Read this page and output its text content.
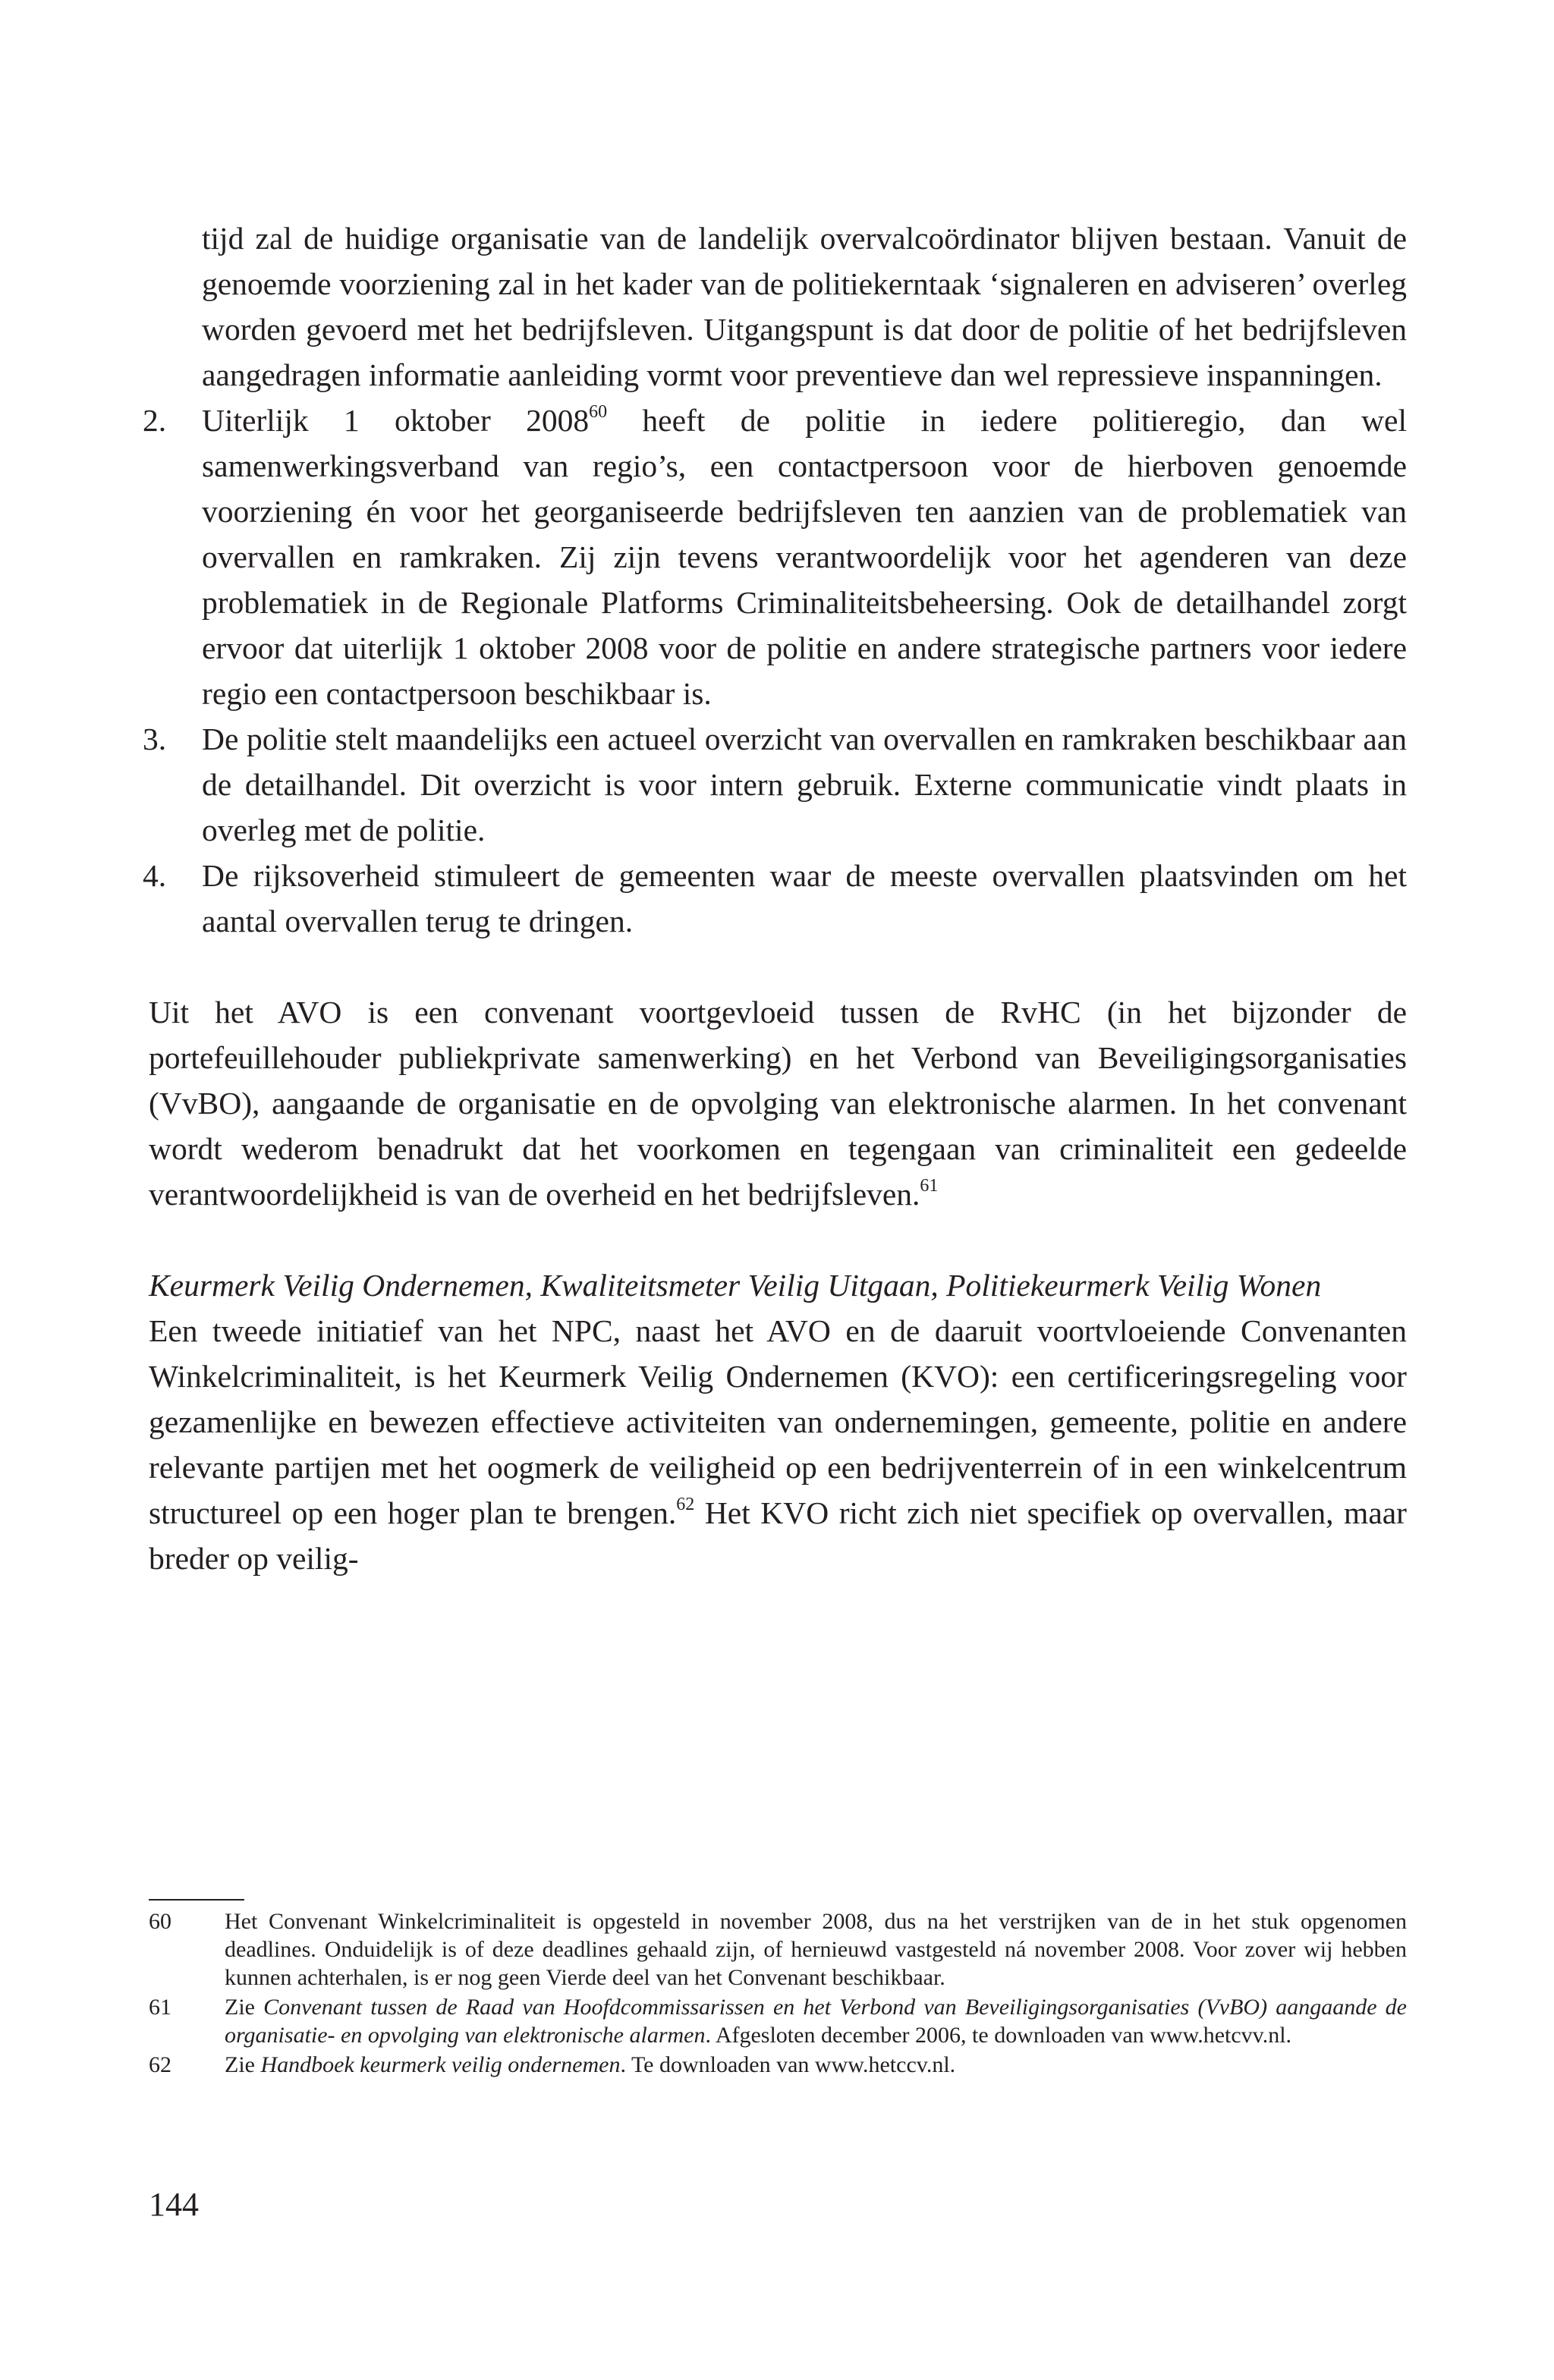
tijd zal de huidige organisatie van de landelijk overvalcoördinator blijven bestaan. Vanuit de genoemde voorziening zal in het kader van de politiekerntaak ‘signaleren en adviseren’ overleg worden gevoerd met het bedrijfsleven. Uitgangspunt is dat door de politie of het bedrijfsleven aangedragen informatie aanleiding vormt voor preventieve dan wel repressieve inspanningen.

2. Uiterlijk 1 oktober 2008$^{60}$ heeft de politie in iedere politieregio, dan wel samenwerkingsverband van regio’s, een contactpersoon voor de hierboven genoemde voorziening én voor het georganiseerde bedrijfsleven ten aanzien van de problematiek van overvallen en ramkraken. Zij zijn tevens verantwoordelijk voor het agenderen van deze problematiek in de Regionale Platforms Criminaliteitsbeheersing. Ook de detailhandel zorgt ervoor dat uiterlijk 1 oktober 2008 voor de politie en andere strategische partners voor iedere regio een contactpersoon beschikbaar is.
3. De politie stelt maandelijks een actueel overzicht van overvallen en ramkraken beschikbaar aan de detailhandel. Dit overzicht is voor intern gebruik. Externe communicatie vindt plaats in overleg met de politie.
4. De rijksoverheid stimuleert de gemeenten waar de meeste overvallen plaatsvinden om het aantal overvallen terug te dringen.

Uit het AVO is een convenant voortgevloeid tussen de RvHC (in het bijzonder de portefeuillehouder publiekprivate samenwerking) en het Verbond van Beveiligingsorganisaties (VvBO), aangaande de organisatie en de opvolging van elektronische alarmen. In het convenant wordt wederom benadrukt dat het voorkomen en tegengaan van criminaliteit een gedeelde verantwoordelijkheid is van de overheid en het bedrijfsleven.$^{61}$

Keurmerk Veilig Ondernemen, Kwaliteitsmeter Veilig Uitgaan, Politiekeurmerk Veilig Wonen

Een tweede initiatief van het NPC, naast het AVO en de daaruit voortvloeiende Convenanten Winkelcriminaliteit, is het Keurmerk Veilig Ondernemen (KVO): een certificeringsregeling voor gezamenlijke en bewezen effectieve activiteiten van ondernemingen, gemeente, politie en andere relevante partijen met het oogmerk de veiligheid op een bedrijventerrein of in een winkelcentrum structureel op een hoger plan te brengen.$^{62}$ Het KVO richt zich niet specifiek op overvallen, maar breder op veilig-

60 Het Convenant Winkelcriminaliteit is opgesteld in november 2008, dus na het verstrijken van de in het stuk opgenomen deadlines. Onduidelijk is of deze deadlines gehaald zijn, of hernieuwd vastgesteld ná november 2008. Voor zover wij hebben kunnen achterhalen, is er nog geen Vierde deel van het Convenant beschikbaar.
61 Zie Convenant tussen de Raad van Hoofdcommissarissen en het Verbond van Beveiligingsorganisaties (VvBO) aangaande de organisatie- en opvolging van elektronische alarmen. Afgesloten december 2006, te downloaden van www.hetcvv.nl.
62 Zie Handboek keurmerk veilig ondernemen. Te downloaden van www.hetccv.nl.
144
